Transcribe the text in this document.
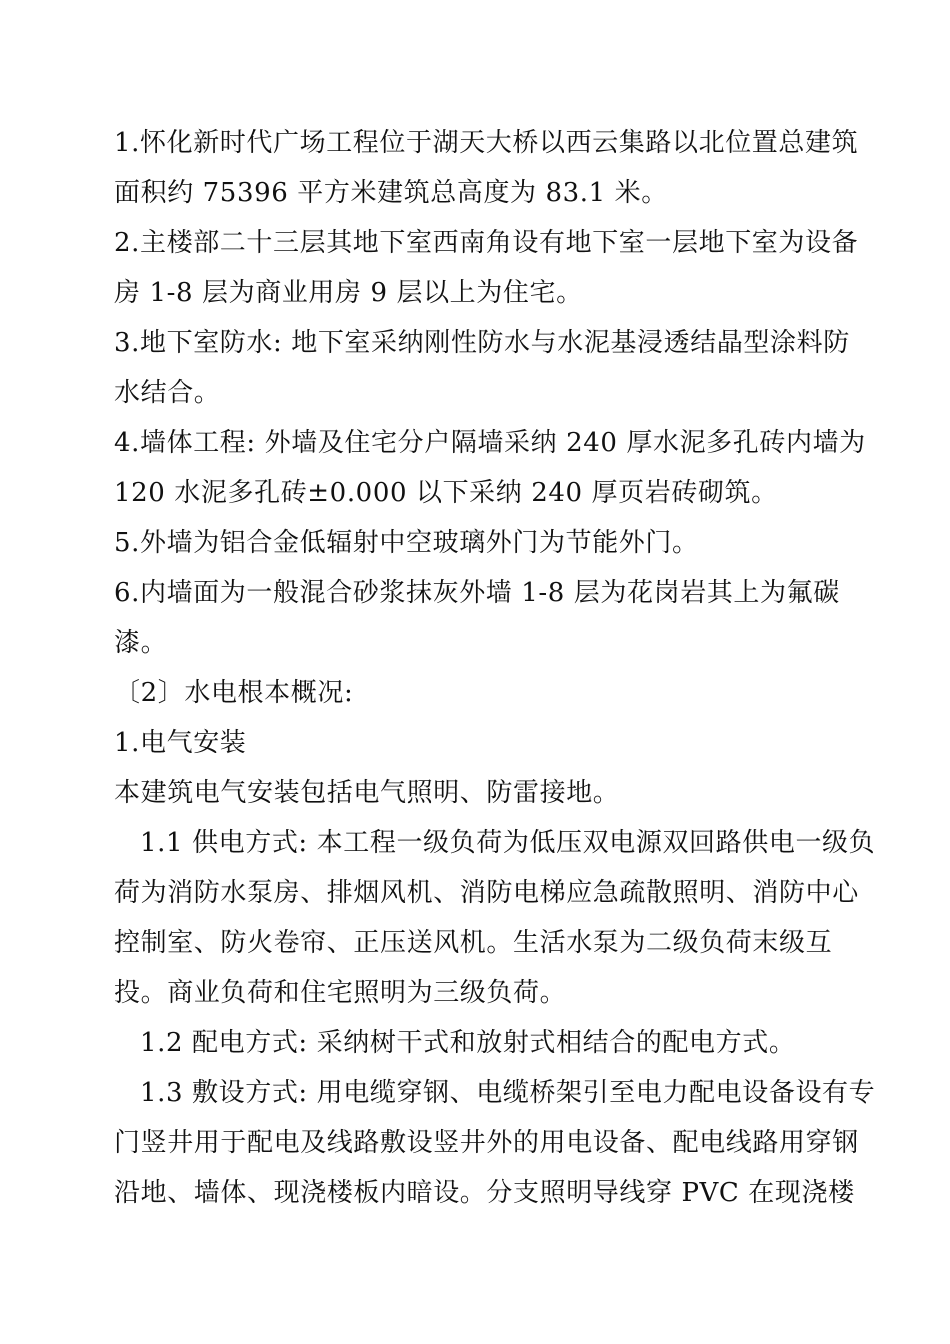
1.怀化新时代广场工程位于湖天大桥以西云集路以北位置总建筑
面积约 75396 平方米建筑总高度为 83.1 米。
2.主楼部二十三层其地下室西南角设有地下室一层地下室为设备
房 1-8 层为商业用房 9 层以上为住宅。
3.地下室防水: 地下室采纳刚性防水与水泥基浸透结晶型涂料防
水结合。
4.墙体工程: 外墙及住宅分户隔墙采纳 240 厚水泥多孔砖内墙为
120 水泥多孔砖±0.000 以下采纳 240 厚页岩砖砌筑。
5.外墙为铝合金低辐射中空玻璃外门为节能外门。
6.内墙面为一般混合砂浆抹灰外墙 1-8 层为花岗岩其上为氟碳
漆。
〔2〕水电根本概况:
1.电气安装
本建筑电气安装包括电气照明、防雷接地。
1.1 供电方式: 本工程一级负荷为低压双电源双回路供电一级负
荷为消防水泵房、排烟风机、消防电梯应急疏散照明、消防中心
控制室、防火卷帘、正压送风机。生活水泵为二级负荷末级互
投。商业负荷和住宅照明为三级负荷。
1.2 配电方式: 采纳树干式和放射式相结合的配电方式。
1.3 敷设方式: 用电缆穿钢、电缆桥架引至电力配电设备设有专
门竖井用于配电及线路敷设竖井外的用电设备、配电线路用穿钢
沿地、墙体、现浇楼板内暗设。分支照明导线穿 PVC 在现浇楼
